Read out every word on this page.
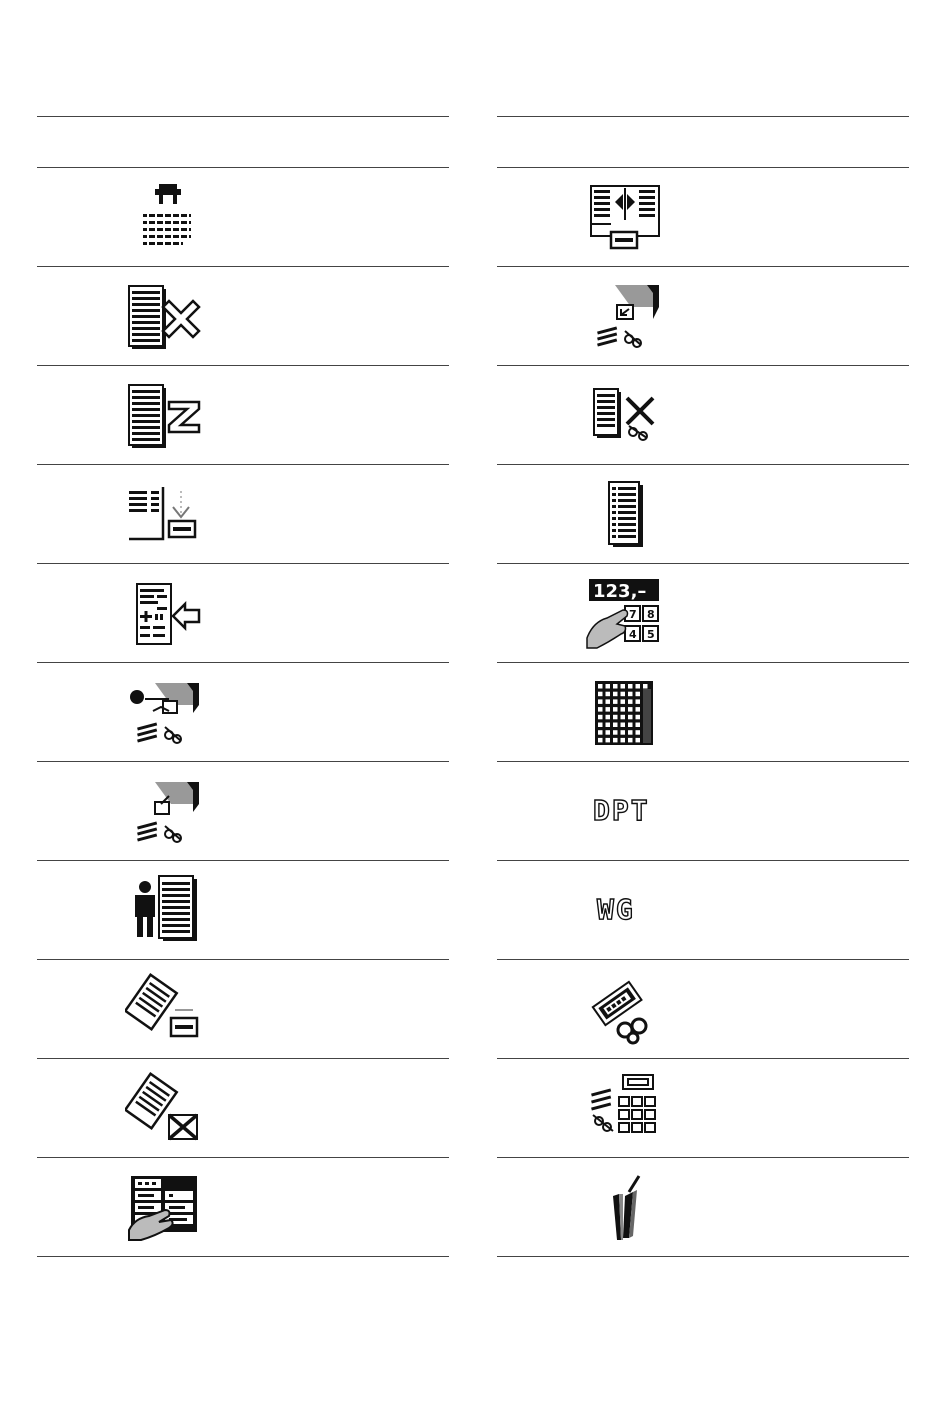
123,–
7 8
4 5
DPT
WG
